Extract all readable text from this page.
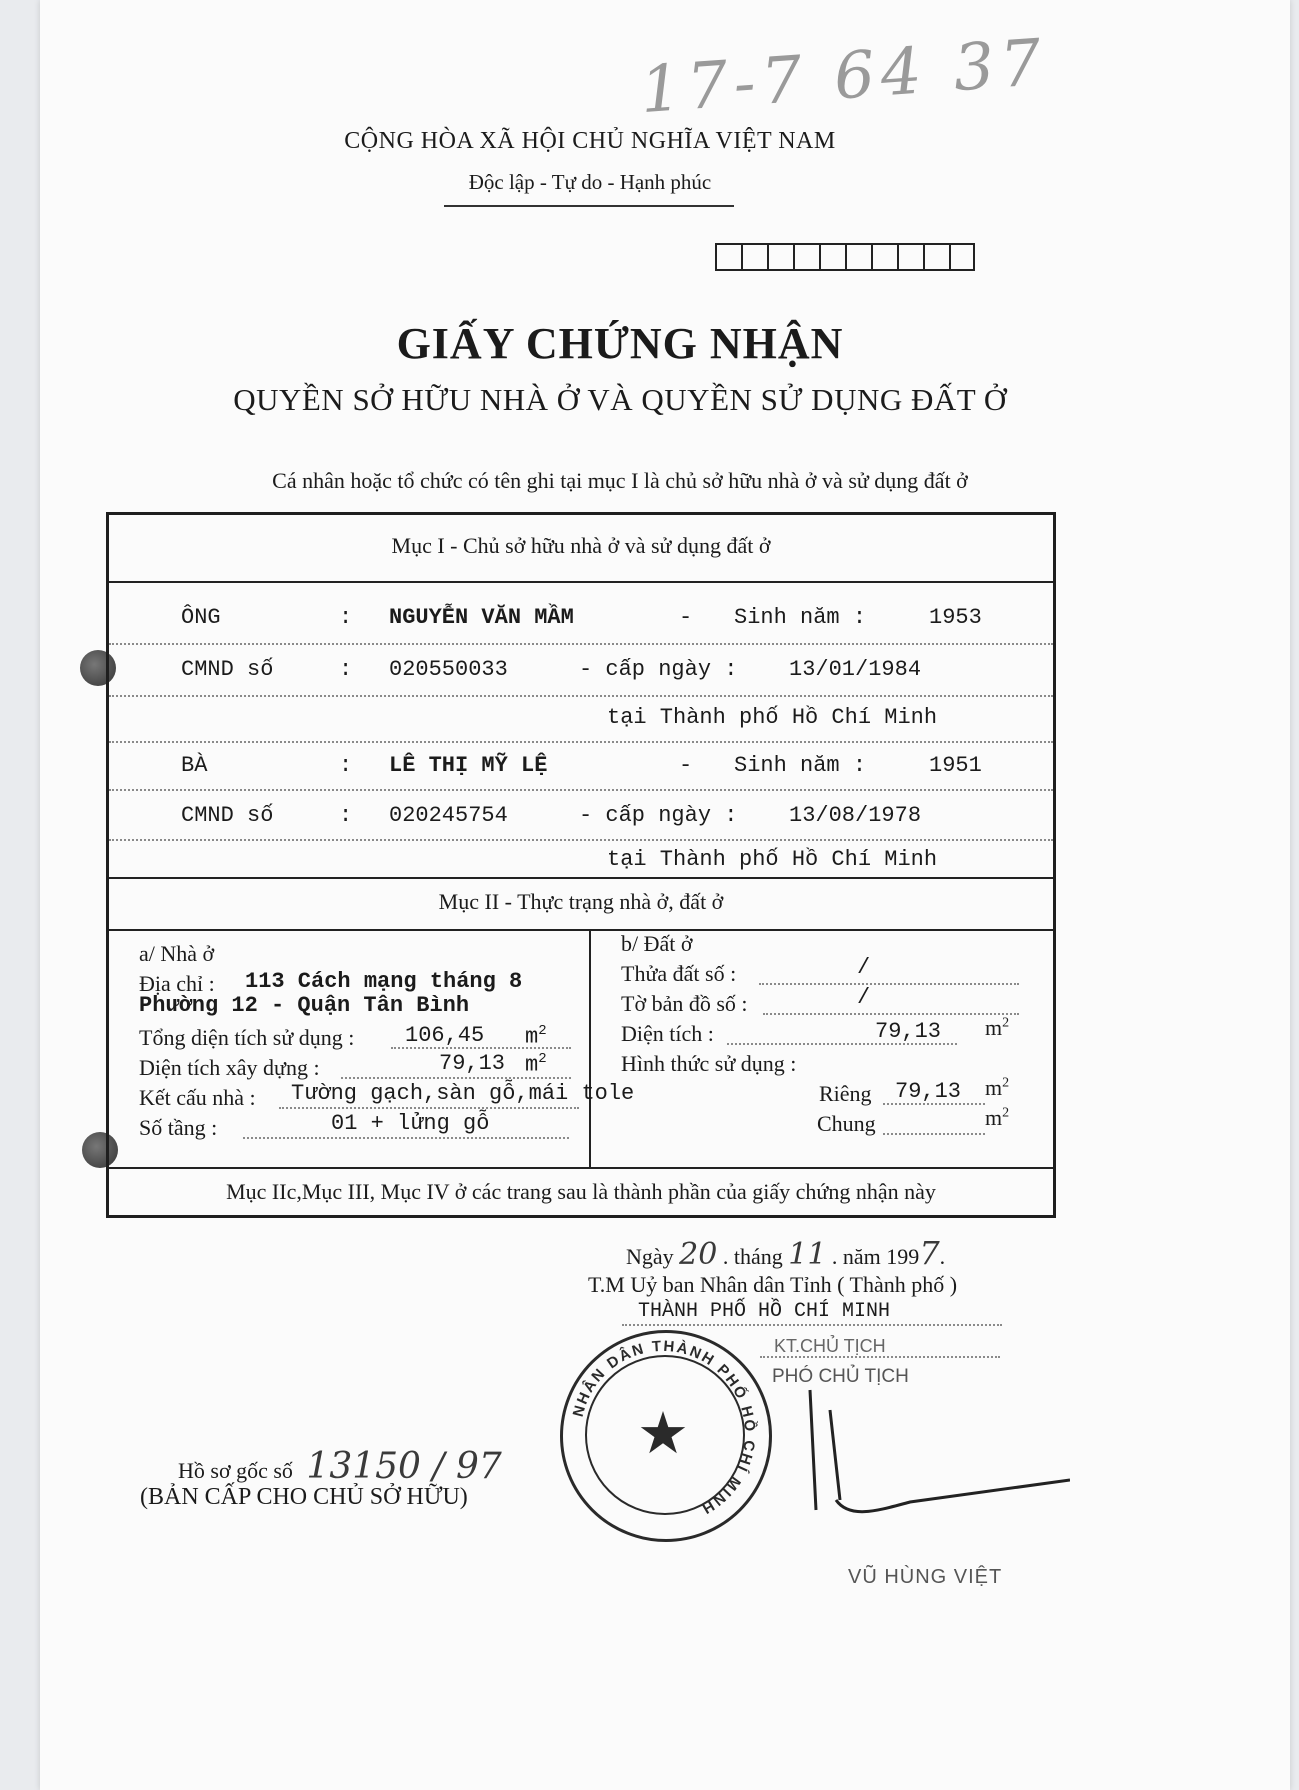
17-7 64 37
CỘNG HÒA XÃ HỘI CHỦ NGHĨA VIỆT NAM
Độc lập - Tự do - Hạnh phúc
GIẤY CHỨNG NHẬN
QUYỀN SỞ HỮU NHÀ Ở VÀ QUYỀN SỬ DỤNG ĐẤT Ở
Cá nhân hoặc tổ chức có tên ghi tại mục I là chủ sở hữu nhà ở và sử dụng đất ở
Mục I - Chủ sở hữu nhà ở và sử dụng đất ở
ÔNG	: NGUYỄN VĂN MẦM	- Sinh năm :	1953
CMND số	: 020550033	- cấp ngày : 13/01/1984
tại Thành phố Hồ Chí Minh
BÀ	: LÊ THỊ MỸ LỆ	- Sinh năm :	1951
CMND số	: 020245754	- cấp ngày : 13/08/1978
tại Thành phố Hồ Chí Minh
Mục II - Thực trạng nhà ở, đất ở
a/ Nhà ở
Địa chỉ : 113 Cách mạng tháng 8
Phường 12 - Quận Tân Bình
Tổng diện tích sử dụng : 106,45 $m^2$
Diện tích xây dựng :	79,13 $m^2$
Kết cấu nhà : Tường gạch,sàn gỗ,mái tole
Số tầng :	01 + lửng gỗ
b/ Đất ở
Thửa đất số :	/
Tờ bản đồ số :	/
Diện tích :	79,13 $m^2$
Hình thức sử dụng :
Riêng 79,13 $m^2$
Chung	$m^2$
Mục IIc,Mục III, Mục IV ở các trang sau là thành phần của giấy chứng nhận này
Ngày 20 . tháng 11 . năm 1997.
T.M Uỷ ban Nhân dân Tỉnh ( Thành phố )
THÀNH PHỐ HỒ CHÍ MINH
KT.CHỦ TỊCH
PHÓ CHỦ TỊCH
NHÂN DÂN THÀNH PHỐ HỒ CHÍ MINH
★
VŨ HÙNG VIỆT
Hồ sơ gốc số 13150 / 97
(BẢN CẤP CHO CHỦ SỞ HỮU)
